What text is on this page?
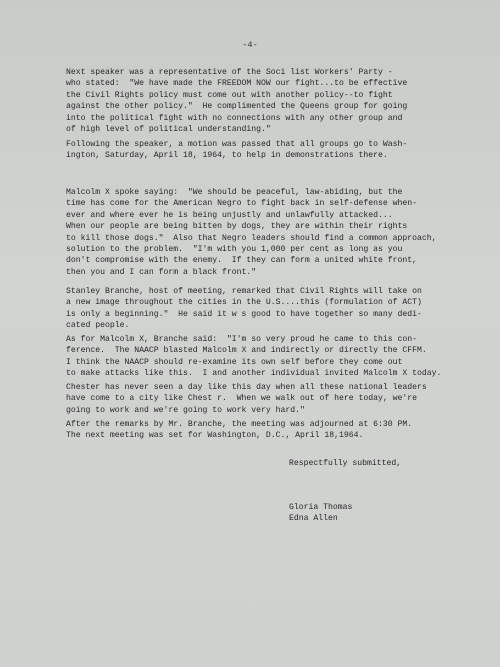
-4-

Next speaker was a representative of the Soci list Workers' Party -
who stated:  "We have made the FREEDOM NOW our fight...to be effective
the Civil Rights policy must come out with another policy--to fight
against the other policy."  He complimented the Queens group for going
into the political fight with no connections with any other group and
of high level of political understanding."

Following the speaker, a motion was passed that all groups go to Wash-
ington, Saturday, April 18, 1964, to help in demonstrations there.

Malcolm X spoke saying:  "We should be peaceful, law-abiding, but the
time has come for the American Negro to fight back in self-defense when-
ever and where ever he is being unjustly and unlawfully attacked...
When our people are being bitten by dogs, they are within their rights
to kill those dogs."  Also that Negro leaders should find a common approach,
solution to the problem.  "I'm with you 1,000 per cent as long as you
don't compromise with the enemy.  If they can form a united white front,
then you and I can form a black front."

Stanley Branche, host of meeting, remarked that Civil Rights will take on
a new image throughout the cities in the U.S....this (formulation of ACT)
is only a beginning."  He said it w s good to have together so many dedi-
cated people.

As for Malcolm X, Branche said:  "I'm so very proud he came to this con-
ference.  The NAACP blasted Malcolm X and indirectly or directly the CFFM.
I think the NAACP should re-examine its own self before they come out
to make attacks like this.  I and another individual invited Malcolm X today.

Chester has never seen a day like this day when all these national leaders
have come to a city like Chest r.  When we walk out of here today, we're
going to work and we're going to work very hard."

After the remarks by Mr. Branche, the meeting was adjourned at 6:30 PM.
The next meeting was set for Washington, D.C., April 18,1964.

Respectfully submitted,
Gloria Thomas
Edna Allen
